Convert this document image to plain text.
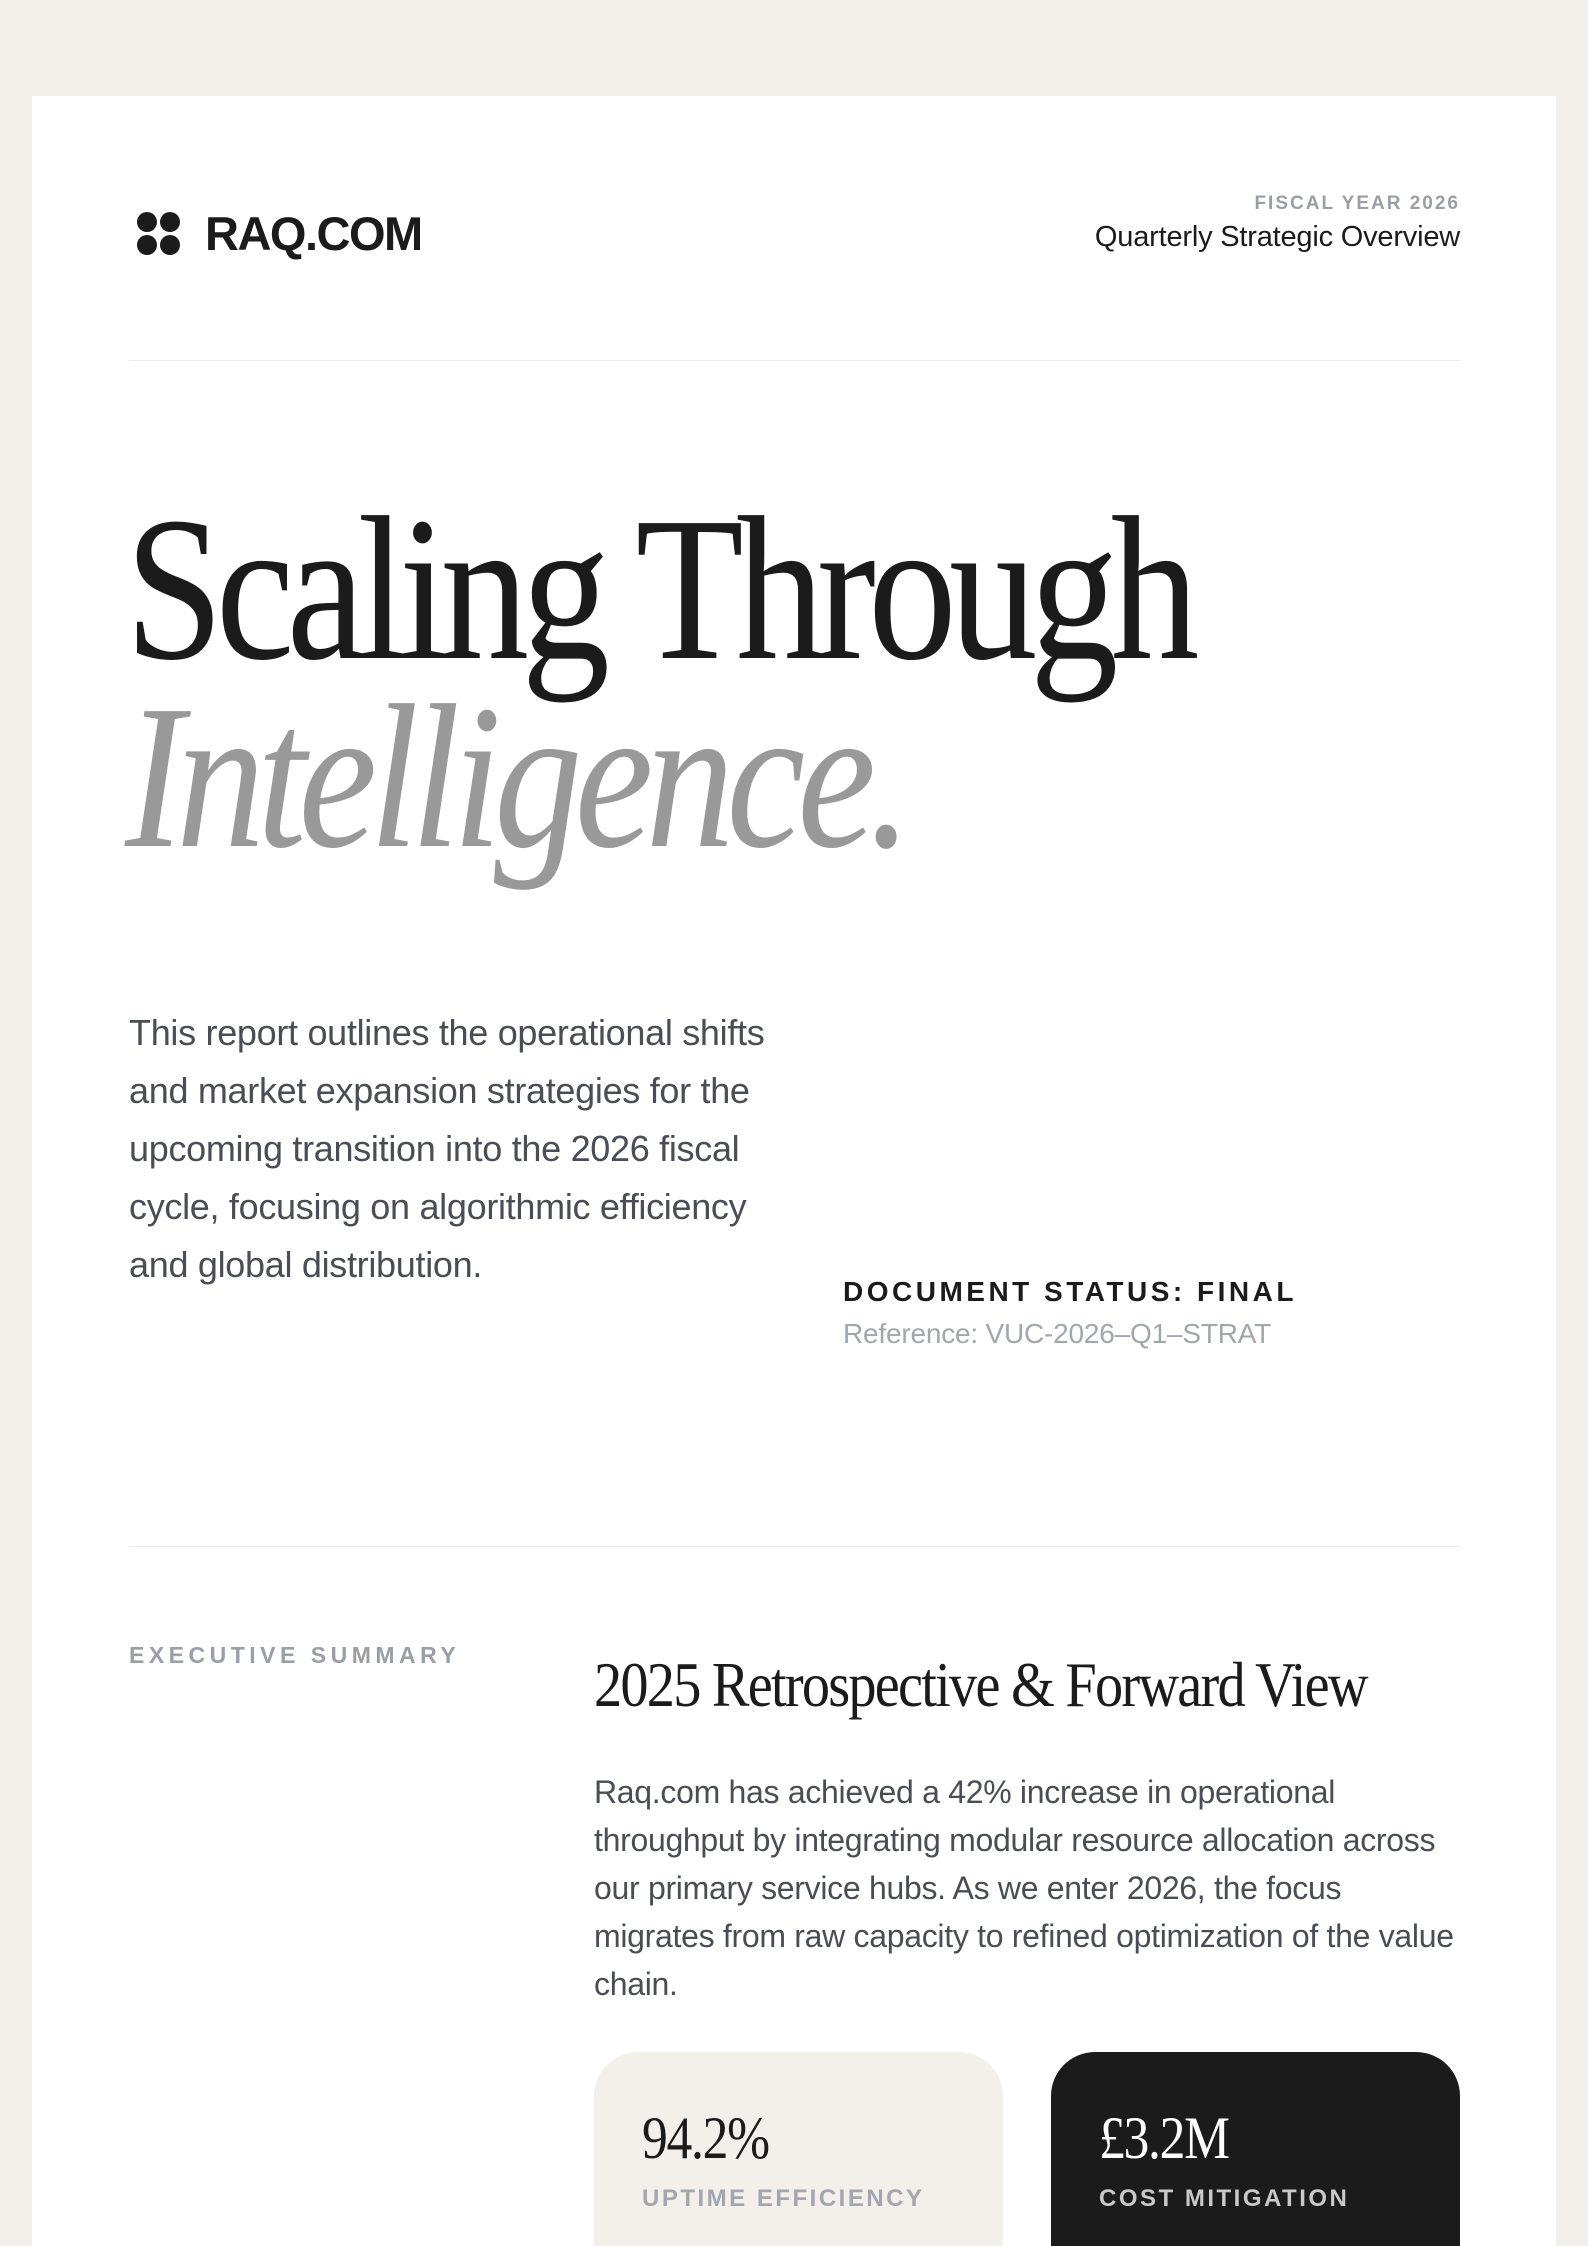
RAQ.COM
FISCAL YEAR 2026
Quarterly Strategic Overview
Scaling Through
Intelligence.
This report outlines the operational shifts and market expansion strategies for the upcoming transition into the 2026 fiscal cycle, focusing on algorithmic efficiency and global distribution.
DOCUMENT STATUS: FINAL
Reference: VUC-2026–Q1–STRAT
EXECUTIVE SUMMARY 2025 Retrospective & Forward View
Raq.com has achieved a 42% increase in operational throughput by integrating modular resource allocation across our primary service hubs. As we enter 2026, the focus migrates from raw capacity to refined optimization of the value chain.
94.2%
UPTIME EFFICIENCY
£3.2M
COST MITIGATION
